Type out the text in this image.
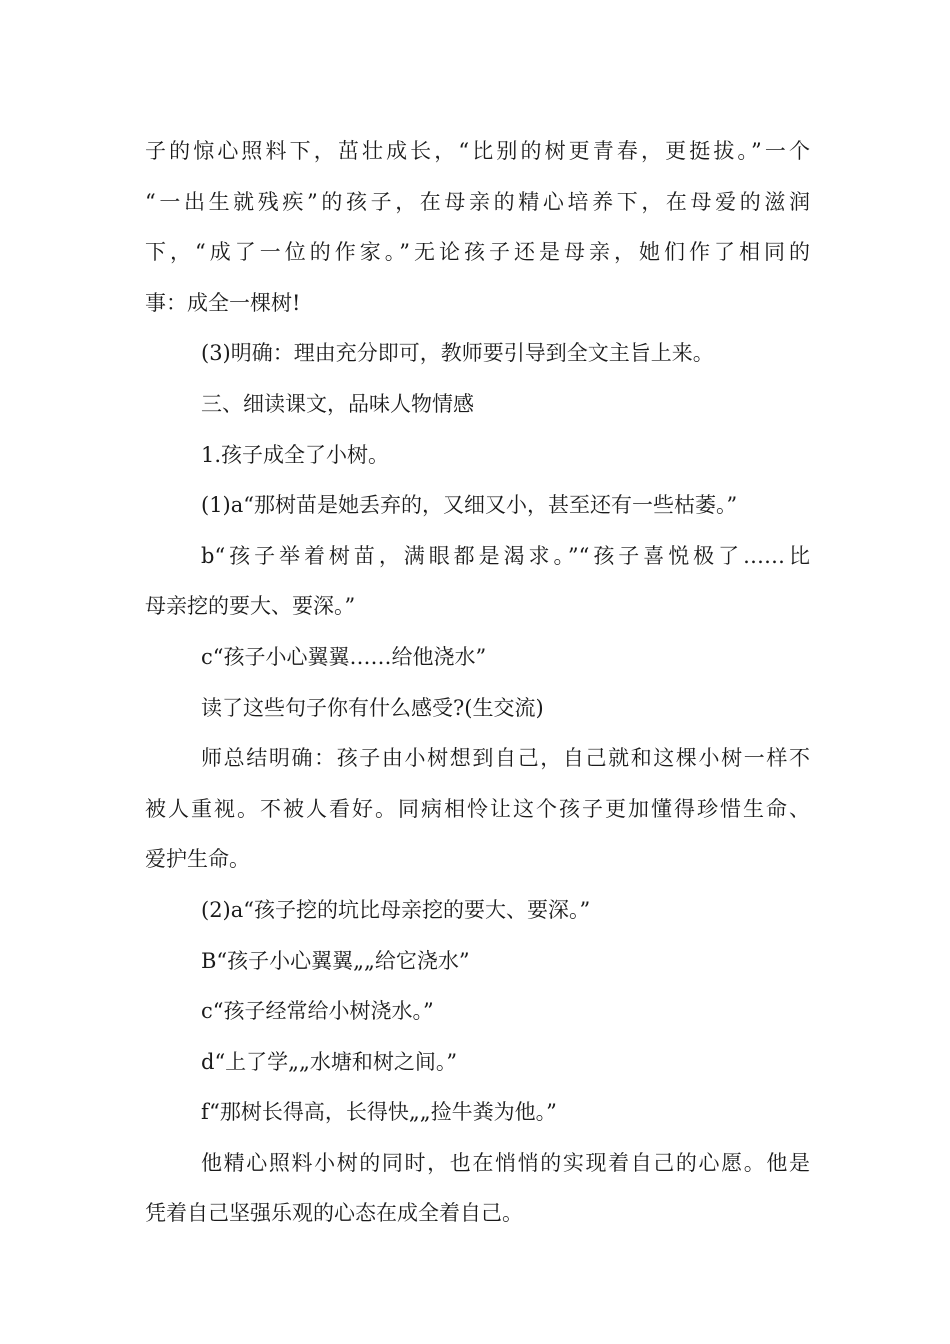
子的惊心照料下，茁壮成长，“比别的树更青春，更挺拔。”一个
“一出生就残疾”的孩子，在母亲的精心培养下，在母爱的滋润
下，“成了一位的作家。”无论孩子还是母亲，她们作了相同的
事：成全一棵树!
(3)明确：理由充分即可，教师要引导到全文主旨上来。
三、细读课文，品味人物情感
1.孩子成全了小树。
(1)a“那树苗是她丢弃的，又细又小，甚至还有一些枯萎。”
b“孩子举着树苗，满眼都是渴求。”“孩子喜悦极了……比
母亲挖的要大、要深。”
c“孩子小心翼翼……给他浇水”
读了这些句子你有什么感受?(生交流)
师总结明确：孩子由小树想到自己，自己就和这棵小树一样不
被人重视。不被人看好。同病相怜让这个孩子更加懂得珍惜生命、
爱护生命。
(2)a“孩子挖的坑比母亲挖的要大、要深。”
B“孩子小心翼翼„„给它浇水”
c“孩子经常给小树浇水。”
d“上了学„„水塘和树之间。”
f“那树长得高，长得快„„捡牛粪为他。”
他精心照料小树的同时，也在悄悄的实现着自己的心愿。他是
凭着自己坚强乐观的心态在成全着自己。
